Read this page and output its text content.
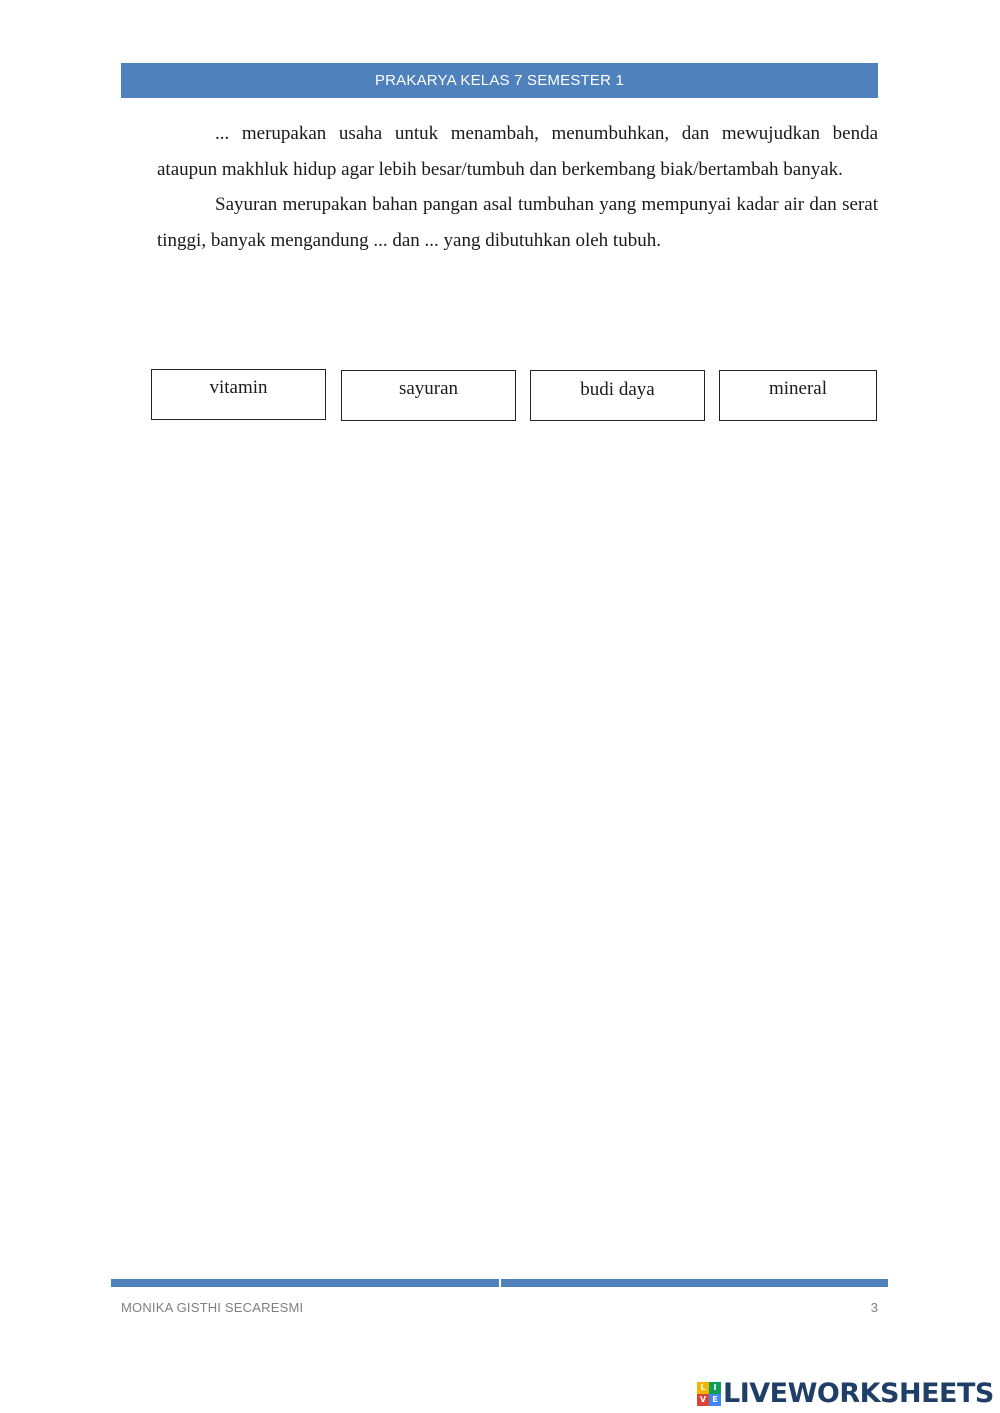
PRAKARYA KELAS 7 SEMESTER 1

... merupakan usaha untuk menambah, menumbuhkan, dan mewujudkan benda ataupun makhluk hidup agar lebih besar/tumbuh dan berkembang biak/bertambah banyak.

Sayuran merupakan bahan pangan asal tumbuhan yang mempunyai kadar air dan serat tinggi, banyak mengandung ... dan ... yang dibutuhkan oleh tubuh.

vitamin	sayuran	budi daya	mineral
MONIKA GISTHI SECARESMI	3
L I
V E LIVEWORKSHEETS
